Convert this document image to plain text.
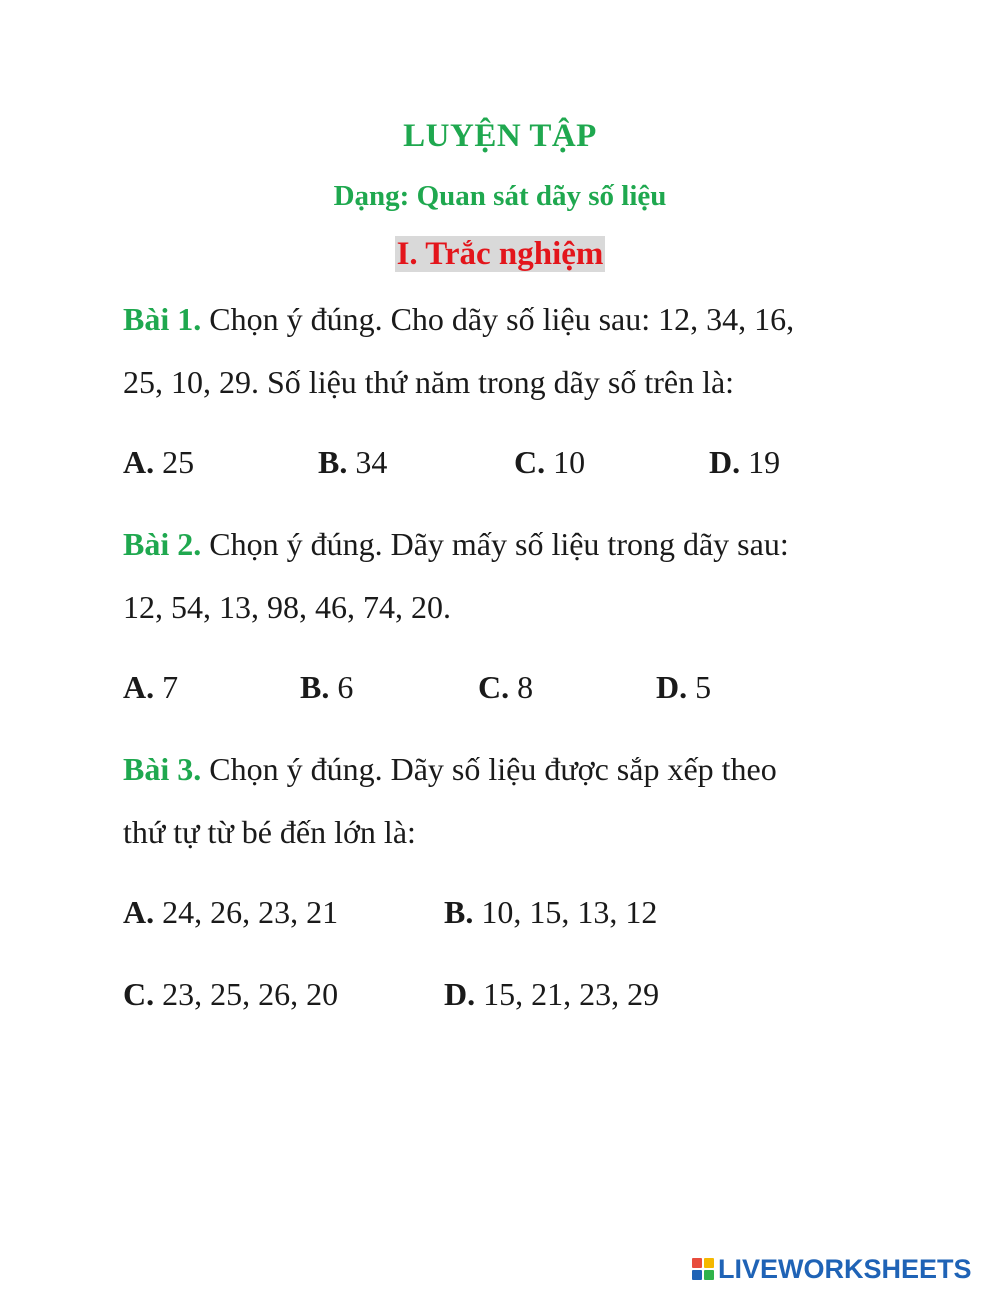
LUYỆN TẬP
Dạng: Quan sát dãy số liệu
I. Trắc nghiệm
Bài 1. Chọn ý đúng. Cho dãy số liệu sau: 12, 34, 16,
25, 10, 29. Số liệu thứ năm trong dãy số trên là:
A. 25	B. 34	C. 10	D. 19
Bài 2. Chọn ý đúng. Dãy mấy số liệu trong dãy sau:
12, 54, 13, 98, 46, 74, 20.
A. 7	B. 6	C. 8	D. 5
Bài 3. Chọn ý đúng. Dãy số liệu được sắp xếp theo
thứ tự từ bé đến lớn là:
A. 24, 26, 23, 21	B. 10, 15, 13, 12
C. 23, 25, 26, 20	D. 15, 21, 23, 29
LIVEWORKSHEETS
